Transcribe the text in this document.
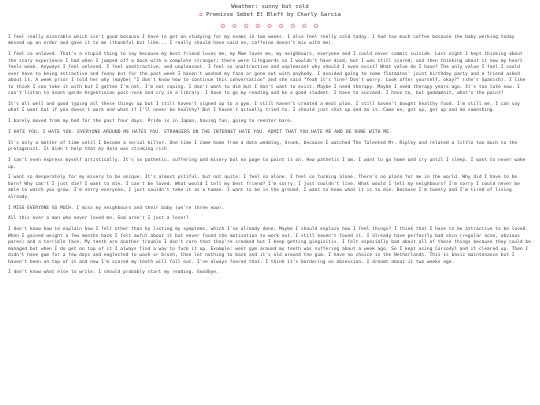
Weather: sunny but cold
✿ Premisse Sebet El Bleft by Charly Garcia
✿ ✿ ✿ ✿ ✿ ✿ ✿ ✿ ✿

I feel really miserable which isn't good because I have to get on studying for my exams in two weeks. I also feel really cold today. I had too much coffee because the baby working today messed up an order and gave it to me (thankful but like... I really should have said no, caffeine doesn't mix with me).

I feel so unloved. That's a stupid thing to say because my best friend loves me, my Mum loves me, my neighbours, everyone and I could never commit suicide. Last night I kept thinking about the scary experience I had when I jumped off a dock with a complete stranger; there were lifeguards so I wouldn't have died, but I was still scared, and then thinking about it now my heart feels weak. Anyways I feel unloved. I feel unattractive, and unpleasant. I feel so unattractive and unpleasant why should I even exist? What value do I have? The only value I feel I could ever have to being attractive and funny but for the past week I haven't washed my face or gone out with anybody. I avoided going to some flatmates' joint birthday party and a friend asked about it. A week prior I told her why (maybe) "I don't know how to continue this conversation" and she said "Yeah it's fine! Don't worry. Look after yourself, okay?" (she's Spanish). I like to think I can take it with but I gotten I'm not. I'm not coping. I don't want to die but I don't want to exist. Maybe I need therapy. Maybe I need therapy years ago. It's too late now. I can't listen to avant-garde Argentinian post-rock and cry in a library. I have to go my reading and be a good student. I have to succeed. I have to, but goddamnit, what's the point?

It's all well and good typing all these things up but I still haven't signed up to a gym. I still haven't created a meal plan. I still haven't bought healthy food. I'm still me. I can say what I want but if you doesn't work and what if I'll never be healthy? But I haven't actually tried to. I should just shut up and do it. Come on, get up, get up and do something.

I barely moved from my bed for the past four days. Pride is in Japan, having fun, going to reenter bare.

I HATE YOU. I HATE YOU. EVERYONE AROUND ME HATES YOU. STRANGERS ON THE INTERNET HATE YOU. ADMIT THAT YOU HATE ME AND BE DONE WITH ME.

It's only a matter of time until I become a serial killer. One time I came home from a date wedding, drunk, because I watched The Talented Mr. Ripley and related a little too much to the protagonist. It didn't help that my date was stinking rich.

I can't even express myself artistically. It's so pathetic, suffering and misery but no page to paint it on. How pathetic I am. I want to go home and cry until I sleep. I want to never wake up.

I want so desperately for my misery to be unique. It's almost pitiful, but not quite. I feel so alone. I feel so fucking alone. There's no place for me in the world. Why did I have to be born? Why can't I just die? I want to die. I can't be loved. What would I tell my best friend? I'm sorry. I just couldn't live. What would I tell my neighbours? I'm sorry I could never be able to watch you grow. I'm sorry everyone, I just couldn't take it as a human. I want to be in the ground. I want to know what it is to die. Because I'm twenty and I'm tired of living already.

I MISS EVERYONE SO MUCH. I miss my neighbours and their baby (we're three now).

All this over a man who never loved me. God aren't I just a loser?

I don't know how to explain how I felt other than by listing my symptoms, which I've already done. Maybe I should explain how I feel things? I think that I have to be attractive to be loved. When I gained weight a few months back I felt awful about it but never found the motivation to work out. I still haven't found it. I already have perfectly bad skin (regular acne, obvious pores) and a terrible face. My teeth are another trouble I don't care that they're crooked but I keep getting gingivitis. I felt especially bad about all of these things because they could be managed but when I do get on top of it I always find a way to fuck it up. Example: went gym around my teeth was suffering about a week ago. So I kept using Corsodyl and it cleared up. Then I didn't have gum for a few days and neglected to wash or brush, then let nothing to back and it's old around the gum. I have no choice in the Netherlands. This is basic maintenance but I haven't been on top of it and now I'm scared my teeth will fall out. I've always feared that. I think it's bordering on obsession. I dreamt about it two weeks ago.

I don't know what else to write. I should probably start my reading. Goodbye.
